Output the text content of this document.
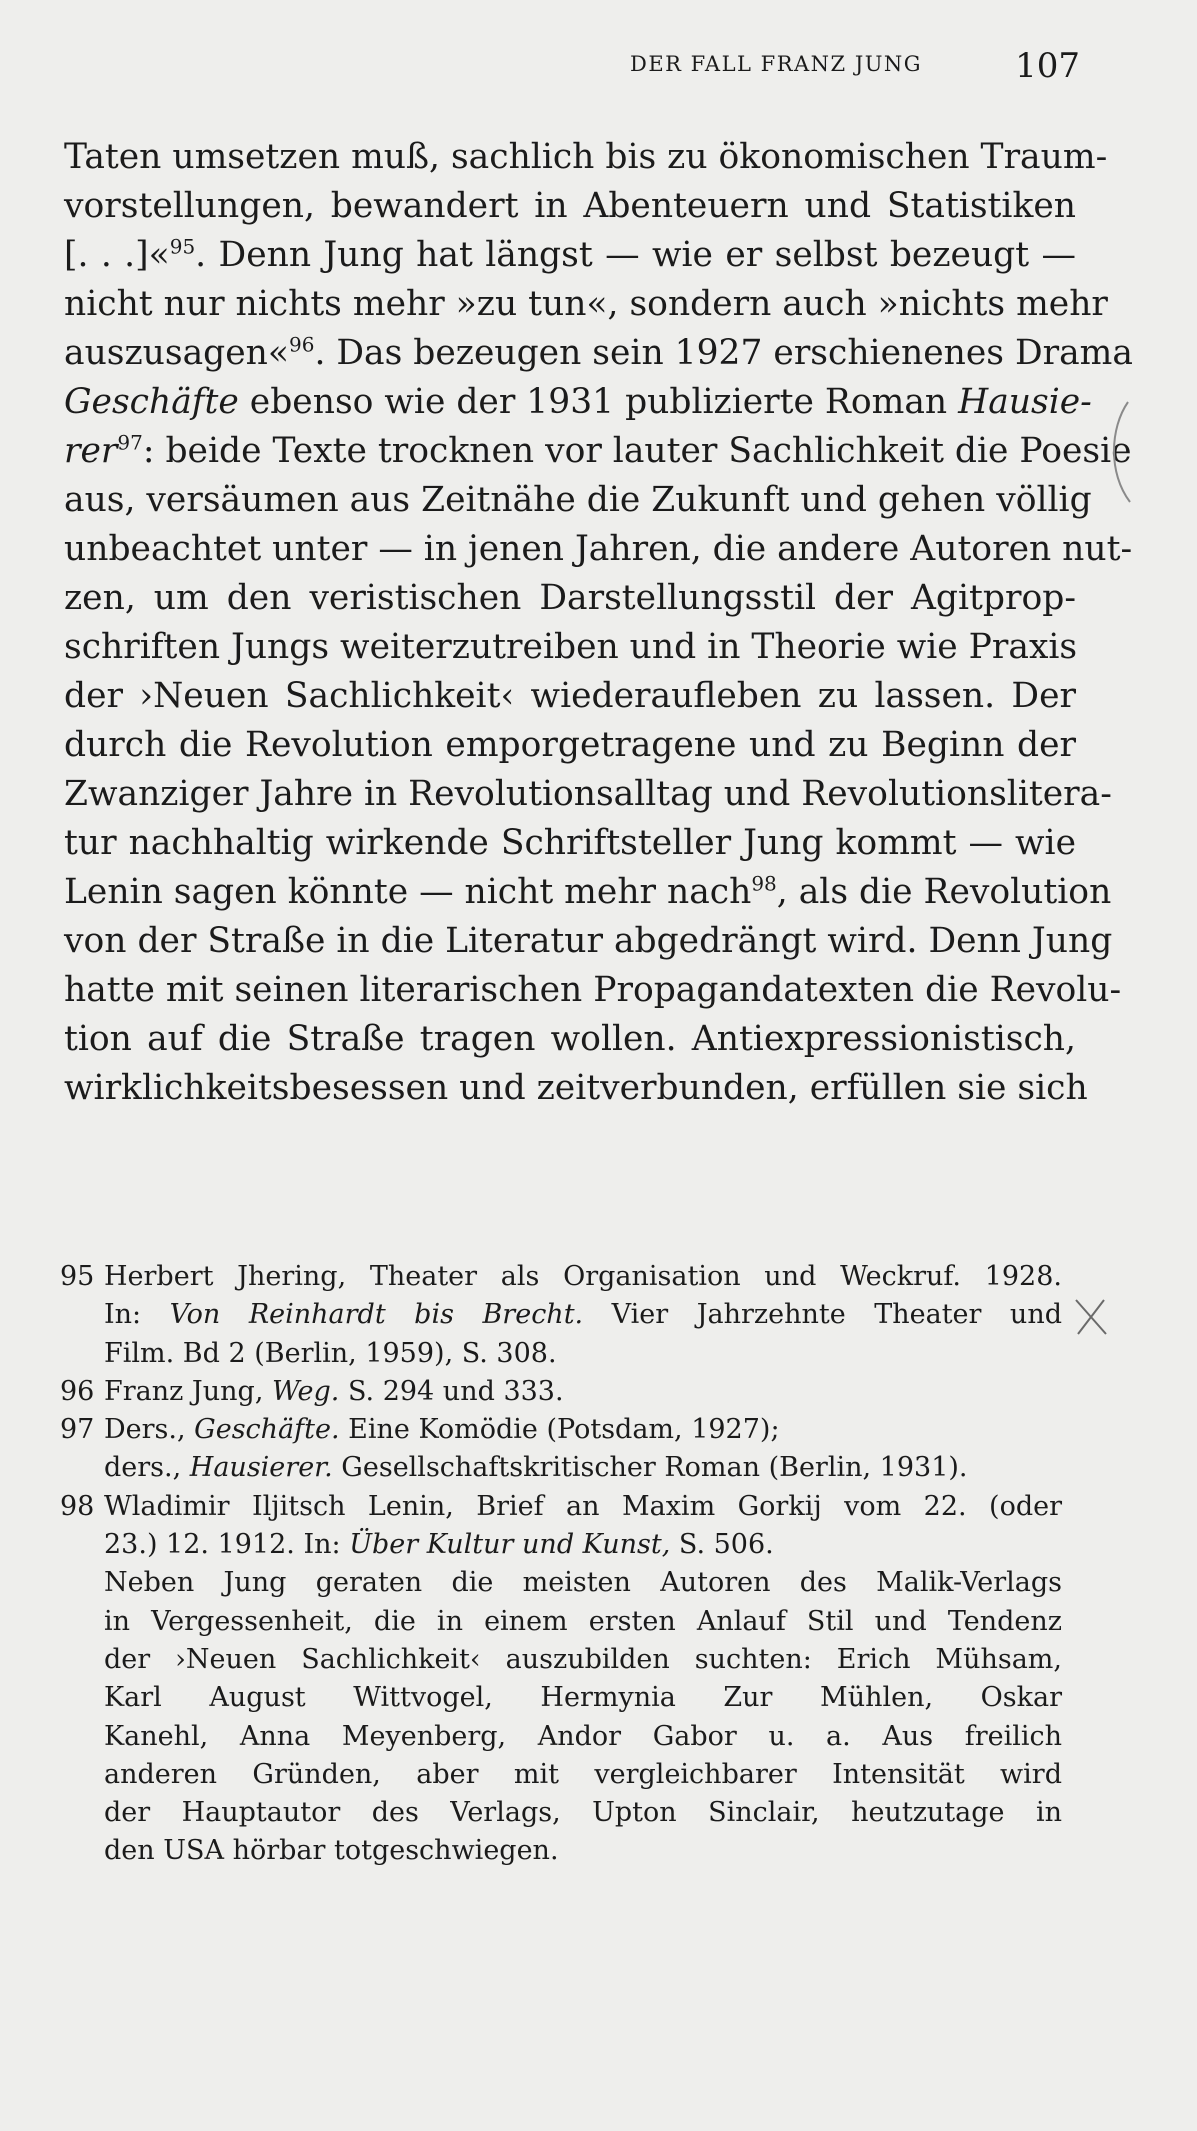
DER FALL FRANZ JUNG	107
Taten umsetzen muß, sachlich bis zu ökonomischen Traum-
vorstellungen, bewandert in Abenteuern und Statistiken
[. . .]«$^{95}$. Denn Jung hat längst — wie er selbst bezeugt —
nicht nur nichts mehr »zu tun«, sondern auch »nichts mehr
auszusagen«$^{96}$. Das bezeugen sein 1927 erschienenes Drama
Geschäfte ebenso wie der 1931 publizierte Roman Hausie-
rer$^{97}$: beide Texte trocknen vor lauter Sachlichkeit die Poesie
aus, versäumen aus Zeitnähe die Zukunft und gehen völlig
unbeachtet unter — in jenen Jahren, die andere Autoren nut-
zen, um den veristischen Darstellungsstil der Agitprop-
schriften Jungs weiterzutreiben und in Theorie wie Praxis
der ›Neuen Sachlichkeit‹ wiederaufleben zu lassen. Der
durch die Revolution emporgetragene und zu Beginn der
Zwanziger Jahre in Revolutionsalltag und Revolutionslitera-
tur nachhaltig wirkende Schriftsteller Jung kommt — wie
Lenin sagen könnte — nicht mehr nach$^{98}$, als die Revolution
von der Straße in die Literatur abgedrängt wird. Denn Jung
hatte mit seinen literarischen Propagandatexten die Revolu-
tion auf die Straße tragen wollen. Antiexpressionistisch,
wirklichkeitsbesessen und zeitverbunden, erfüllen sie sich
95 Herbert Jhering, Theater als Organisation und Weckruf. 1928.
In: Von Reinhardt bis Brecht. Vier Jahrzehnte Theater und
Film. Bd 2 (Berlin, 1959), S. 308.
96 Franz Jung, Weg. S. 294 und 333.
97 Ders., Geschäfte. Eine Komödie (Potsdam, 1927);
ders., Hausierer. Gesellschaftskritischer Roman (Berlin, 1931).
98 Wladimir Iljitsch Lenin, Brief an Maxim Gorkij vom 22. (oder
23.) 12. 1912. In: Über Kultur und Kunst, S. 506.
Neben Jung geraten die meisten Autoren des Malik-Verlags
in Vergessenheit, die in einem ersten Anlauf Stil und Tendenz
der ›Neuen Sachlichkeit‹ auszubilden suchten: Erich Mühsam,
Karl August Wittvogel, Hermynia Zur Mühlen, Oskar
Kanehl, Anna Meyenberg, Andor Gabor u. a. Aus freilich
anderen Gründen, aber mit vergleichbarer Intensität wird
der Hauptautor des Verlags, Upton Sinclair, heutzutage in
den USA hörbar totgeschwiegen.
